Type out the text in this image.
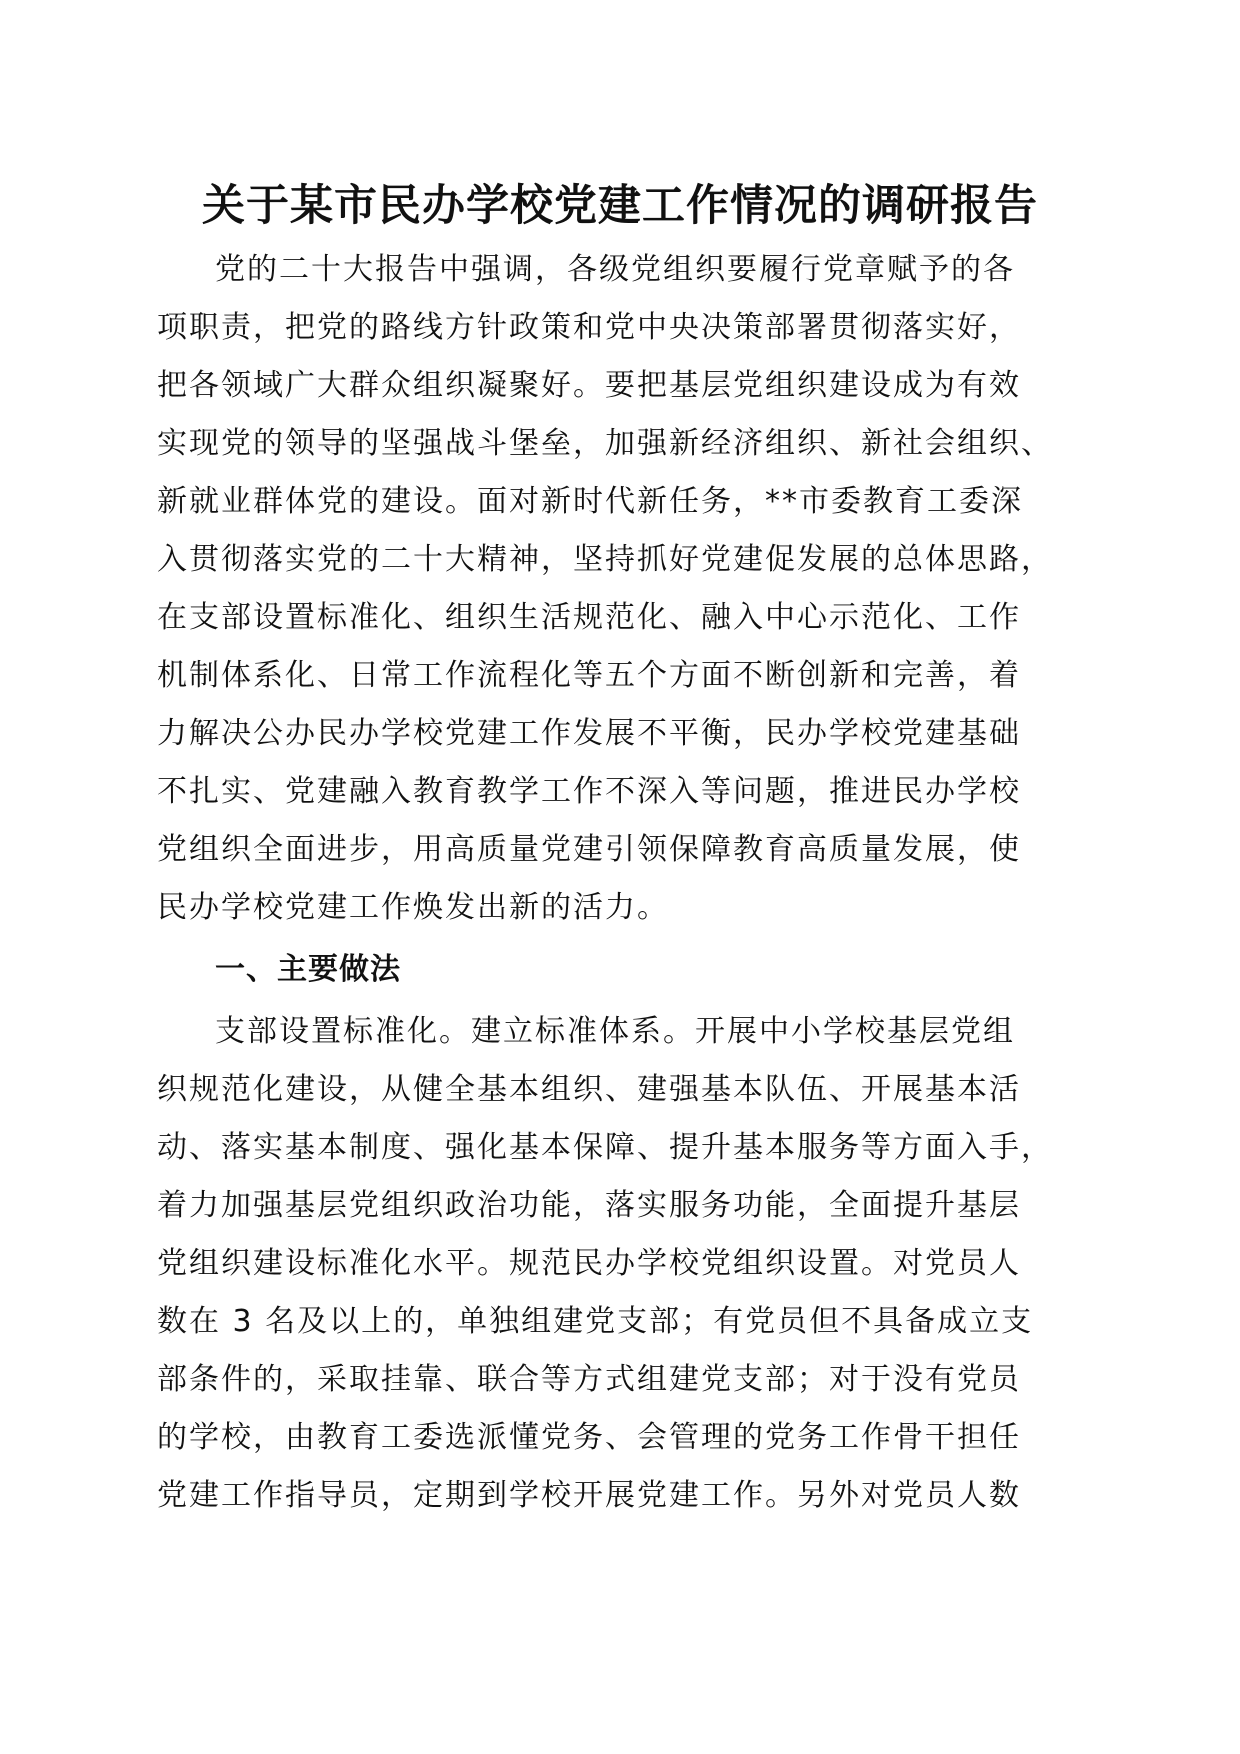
关于某市民办学校党建工作情况的调研报告
党的二十大报告中强调，各级党组织要履行党章赋予的各
项职责，把党的路线方针政策和党中央决策部署贯彻落实好，
把各领域广大群众组织凝聚好。要把基层党组织建设成为有效
实现党的领导的坚强战斗堡垒，加强新经济组织、新社会组织、
新就业群体党的建设。面对新时代新任务，**市委教育工委深
入贯彻落实党的二十大精神，坚持抓好党建促发展的总体思路，
在支部设置标准化、组织生活规范化、融入中心示范化、工作
机制体系化、日常工作流程化等五个方面不断创新和完善，着
力解决公办民办学校党建工作发展不平衡，民办学校党建基础
不扎实、党建融入教育教学工作不深入等问题，推进民办学校
党组织全面进步，用高质量党建引领保障教育高质量发展，使
民办学校党建工作焕发出新的活力。
一、主要做法
支部设置标准化。建立标准体系。开展中小学校基层党组
织规范化建设，从健全基本组织、建强基本队伍、开展基本活
动、落实基本制度、强化基本保障、提升基本服务等方面入手，
着力加强基层党组织政治功能，落实服务功能，全面提升基层
党组织建设标准化水平。规范民办学校党组织设置。对党员人
数在 3 名及以上的，单独组建党支部；有党员但不具备成立支
部条件的，采取挂靠、联合等方式组建党支部；对于没有党员
的学校，由教育工委选派懂党务、会管理的党务工作骨干担任
党建工作指导员，定期到学校开展党建工作。另外对党员人数
